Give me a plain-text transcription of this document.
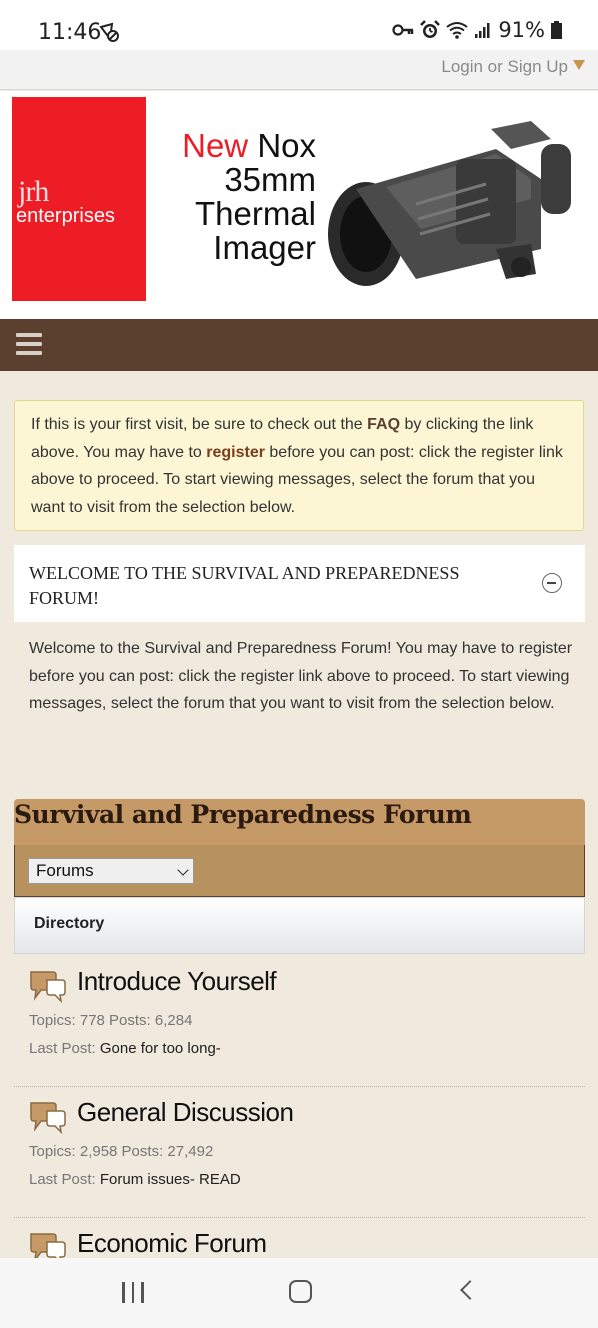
11:46	91%
Login or Sign Up
jrh
enterprises
New Nox
35mm
Thermal
Imager
If this is your first visit, be sure to check out the FAQ by clicking the link above. You may have to register before you can post: click the register link above to proceed. To start viewing messages, select the forum that you want to visit from the selection below.
WELCOME TO THE SURVIVAL AND PREPAREDNESS FORUM!
Welcome to the Survival and Preparedness Forum! You may have to register before you can post: click the register link above to proceed. To start viewing messages, select the forum that you want to visit from the selection below.
Survival and Preparedness Forum
Forums
Directory
Introduce Yourself
Topics: 778 Posts: 6,284
Last Post: Gone for too long-
General Discussion
Topics: 2,958 Posts: 27,492
Last Post: Forum issues- READ
Economic Forum
